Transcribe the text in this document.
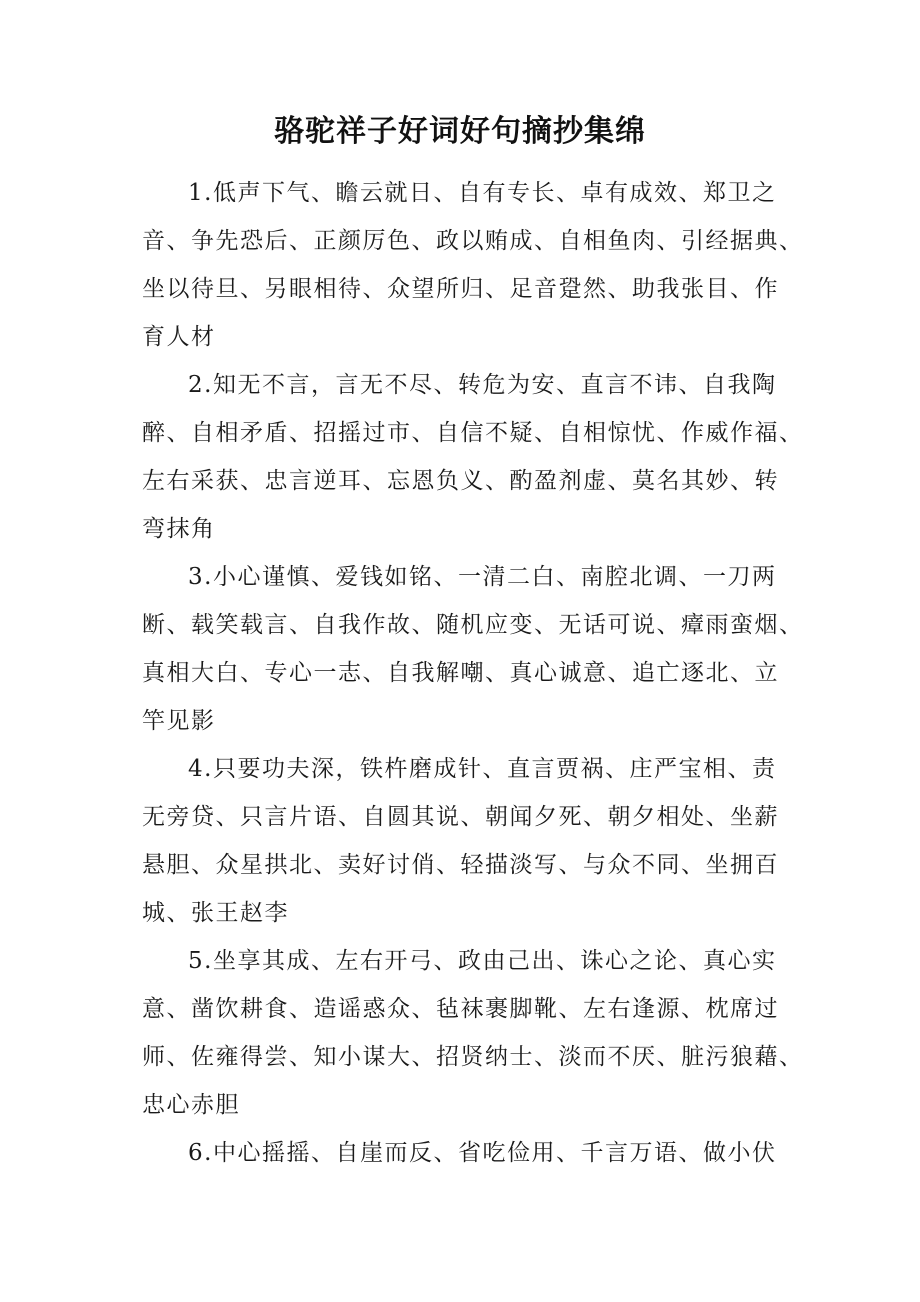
骆驼祥子好词好句摘抄集绵
1.低声下气、瞻云就日、自有专长、卓有成效、郑卫之
音、争先恐后、正颜厉色、政以贿成、自相鱼肉、引经据典、
坐以待旦、另眼相待、众望所归、足音跫然、助我张目、作
育人材
2.知无不言，言无不尽、转危为安、直言不讳、自我陶
醉、自相矛盾、招摇过市、自信不疑、自相惊忧、作威作福、
左右采获、忠言逆耳、忘恩负义、酌盈剂虚、莫名其妙、转
弯抹角
3.小心谨慎、爱钱如铭、一清二白、南腔北调、一刀两
断、载笑载言、自我作故、随机应变、无话可说、瘴雨蛮烟、
真相大白、专心一志、自我解嘲、真心诚意、追亡逐北、立
竿见影
4.只要功夫深，铁杵磨成针、直言贾祸、庄严宝相、责
无旁贷、只言片语、自圆其说、朝闻夕死、朝夕相处、坐薪
悬胆、众星拱北、卖好讨俏、轻描淡写、与众不同、坐拥百
城、张王赵李
5.坐享其成、左右开弓、政由己出、诛心之论、真心实
意、凿饮耕食、造谣惑众、毡袜裹脚靴、左右逢源、枕席过
师、佐雍得尝、知小谋大、招贤纳士、淡而不厌、脏污狼藉、
忠心赤胆
6.中心摇摇、自崖而反、省吃俭用、千言万语、做小伏
